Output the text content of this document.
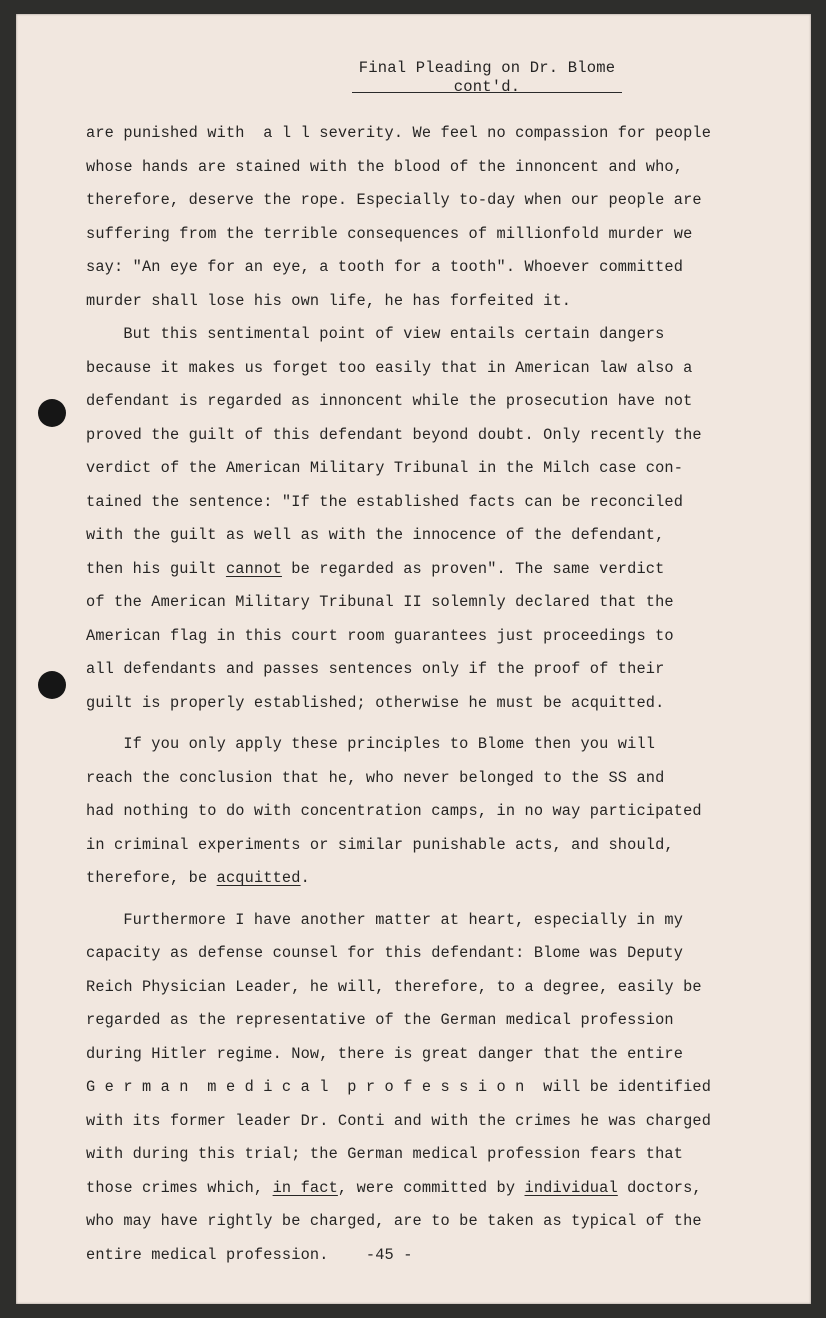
Final Pleading on Dr. Blome
cont'd.
are punished with  a l l severity. We feel no compassion for people
whose hands are stained with the blood of the innoncent and who,
therefore, deserve the rope. Especially to-day when our people are
suffering from the terrible consequences of millionfold murder we
say: "An eye for an eye, a tooth for a tooth". Whoever committed
murder shall lose his own life, he has forfeited it.
But this sentimental point of view entails certain dangers
because it makes us forget too easily that in American law also a
defendant is regarded as innoncent while the prosecution have not
proved the guilt of this defendant beyond doubt. Only recently the
verdict of the American Military Tribunal in the Milch case con-
tained the sentence: "If the established facts can be reconciled
with the guilt as well as with the innocence of the defendant,
then his guilt cannot be regarded as proven". The same verdict
of the American Military Tribunal II solemnly declared that the
American flag in this court room guarantees just proceedings to
all defendants and passes sentences only if the proof of their
guilt is properly established; otherwise he must be acquitted.
If you only apply these principles to Blome then you will
reach the conclusion that he, who never belonged to the SS and
had nothing to do with concentration camps, in no way participated
in criminal experiments or similar punishable acts, and should,
therefore, be acquitted.
Furthermore I have another matter at heart, especially in my
capacity as defense counsel for this defendant: Blome was Deputy
Reich Physician Leader, he will, therefore, to a degree, easily be
regarded as the representative of the German medical profession
during Hitler regime. Now, there is great danger that the entire
G e r m a n  m e d i c a l  p r o f e s s i o n  will be identified
with its former leader Dr. Conti and with the crimes he was charged
with during this trial; the German medical profession fears that
those crimes which, in fact, were committed by individual doctors,
who may have rightly be charged, are to be taken as typical of the
entire medical profession.    -45 -
